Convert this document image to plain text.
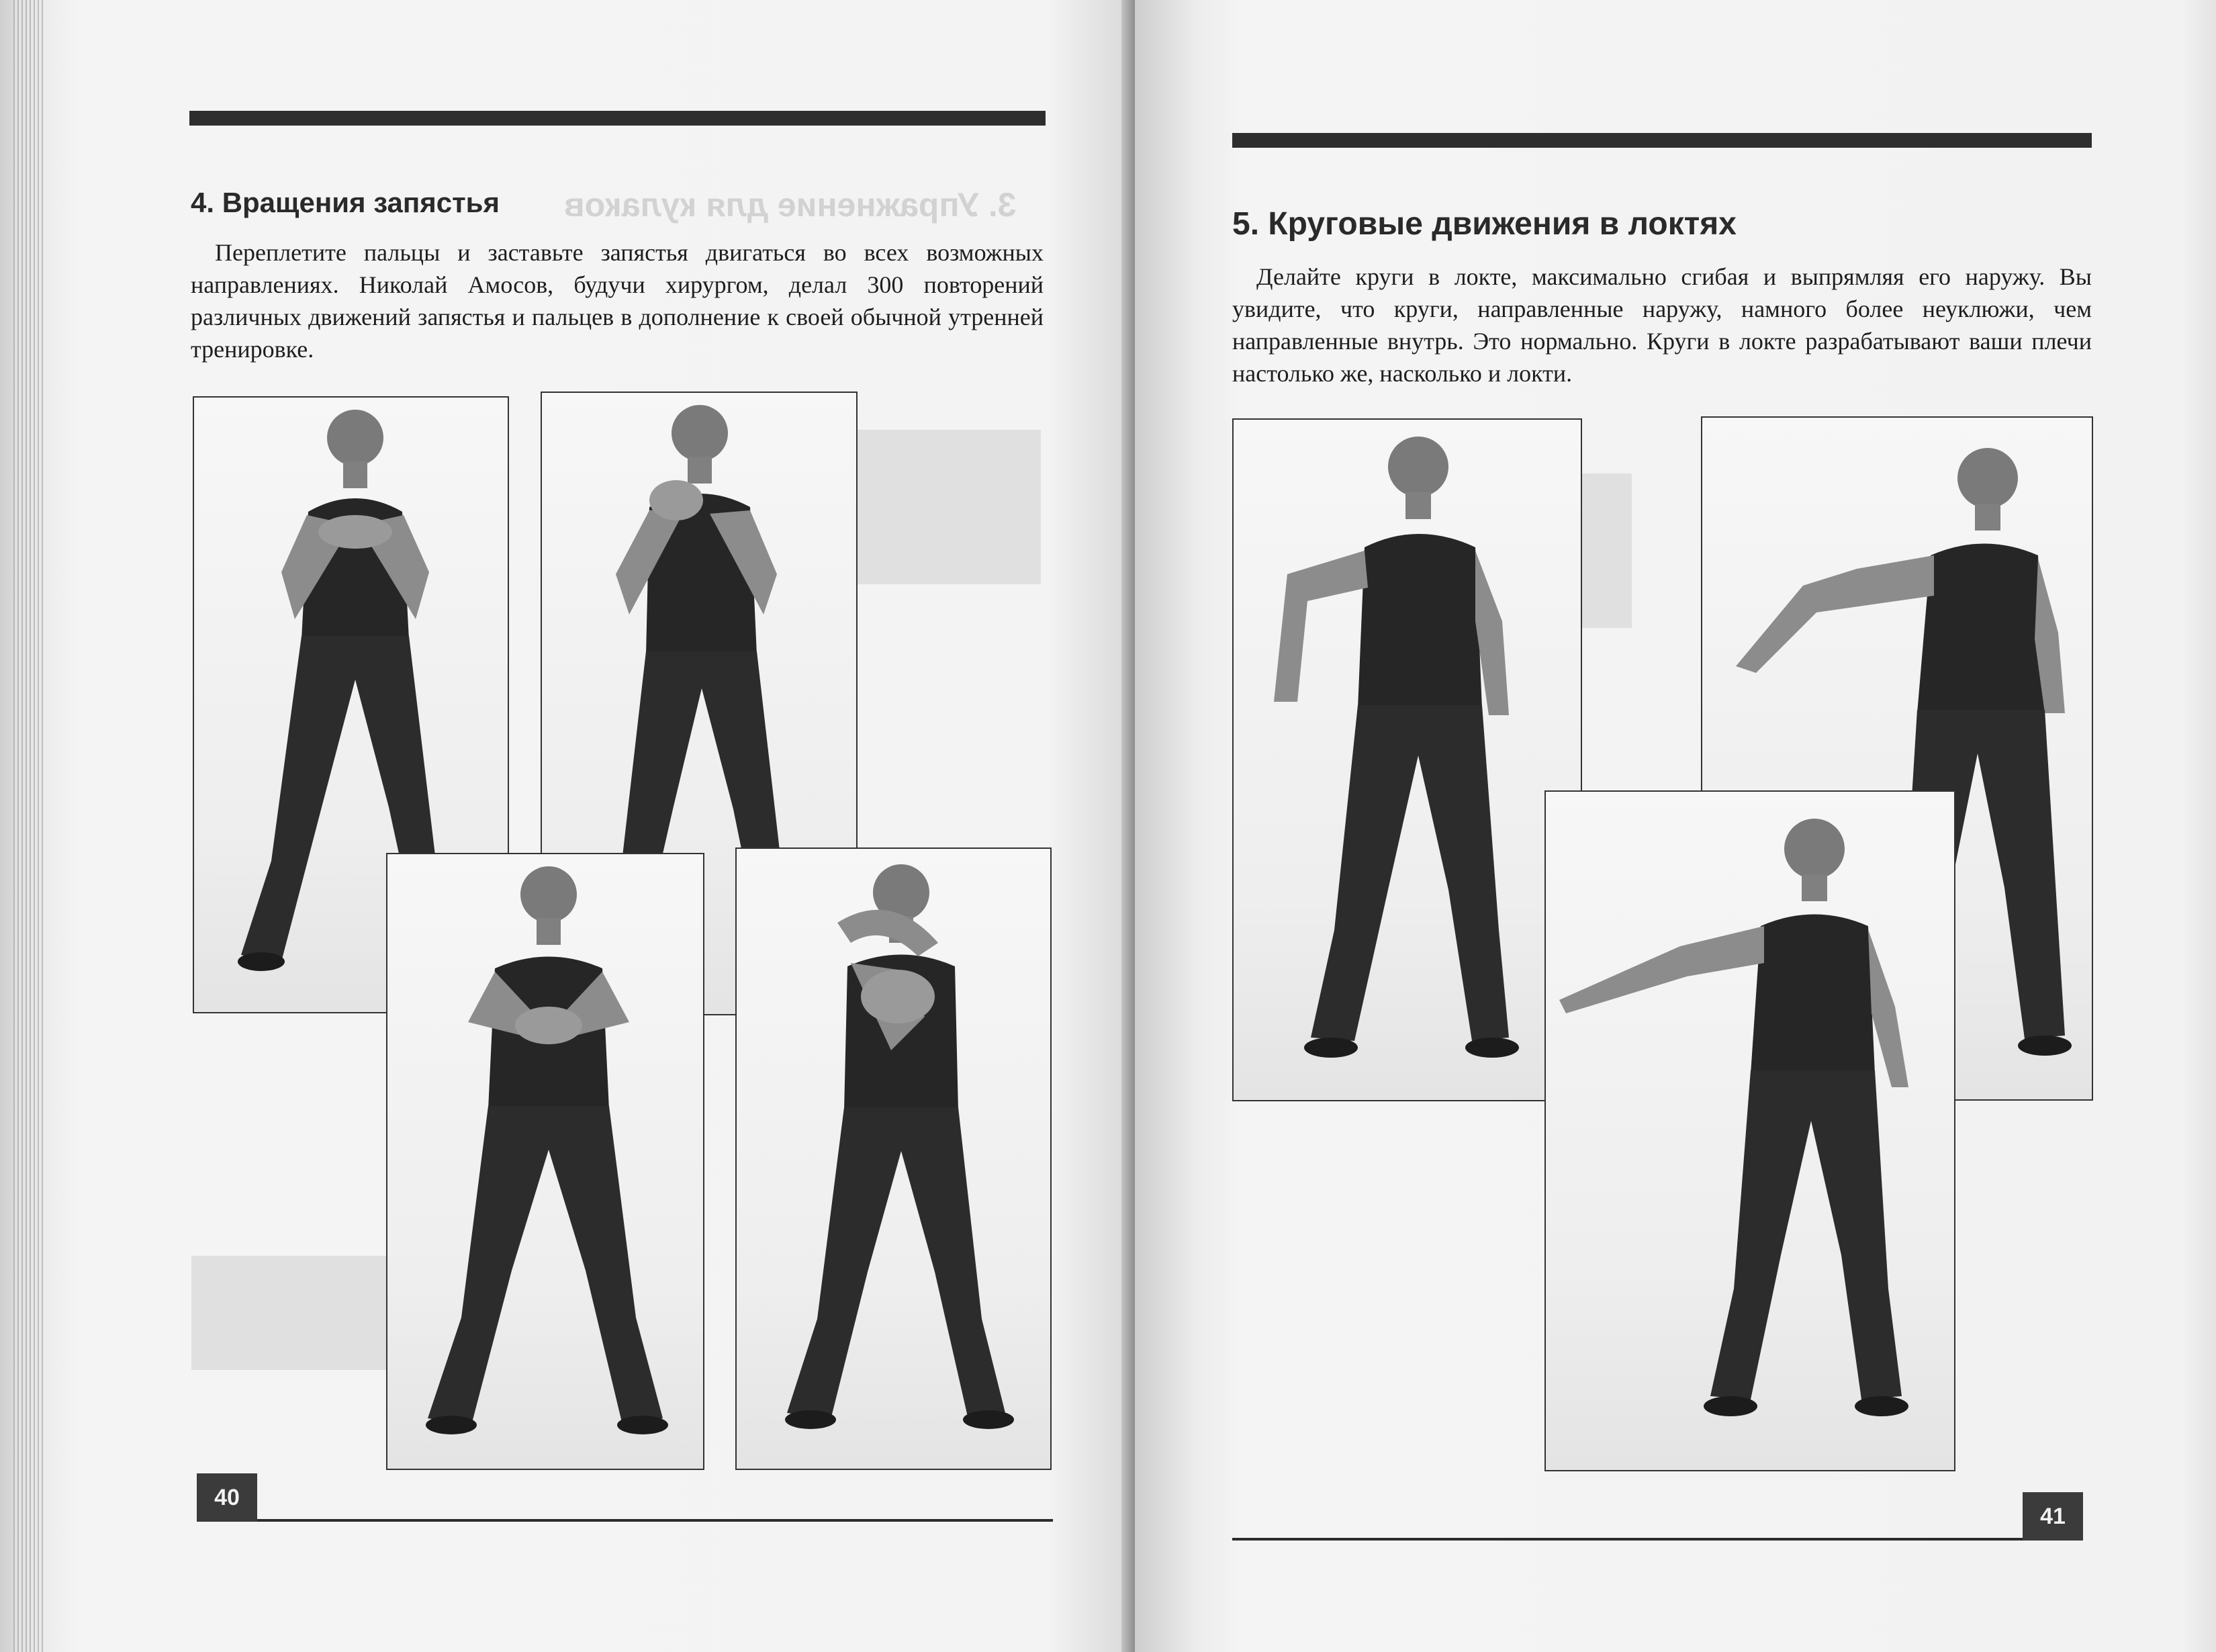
3. Упражнение для кулаков
4. Вращения запястья
Переплетите пальцы и заставьте запястья двигаться во всех возможных направлениях. Николай Амосов, будучи хирургом, делал 300 повторений различных движений запястья и пальцев в дополнение к своей обычной утренней тренировке.
40
5. Круговые движения в локтях
Делайте круги в локте, максимально сгибая и выпрямляя его наружу. Вы увидите, что круги, направленные наружу, намного более неуклюжи, чем направленные внутрь. Это нормально. Круги в локте разрабатывают ваши плечи настолько же, насколько и локти.
41
